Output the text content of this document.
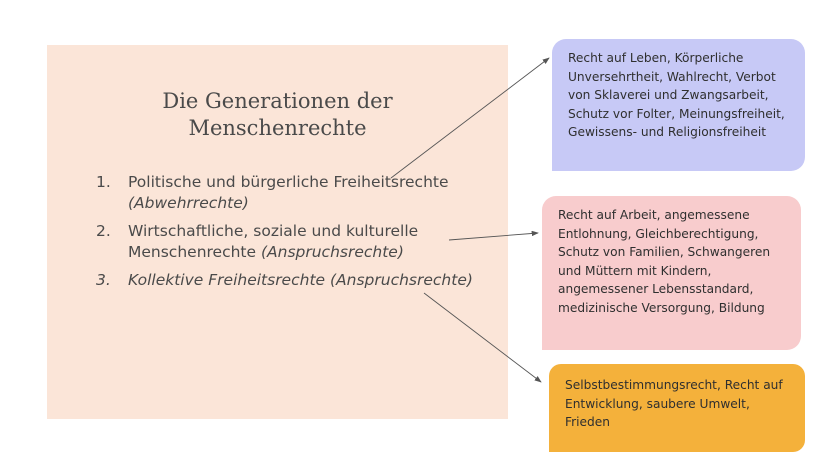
Die Generationen der
Menschenrechte
1. Politische und bürgerliche Freiheitsrechte (Abwehrrechte)
2. Wirtschaftliche, soziale und kulturelle Menschenrechte (Anspruchsrechte)
3. Kollektive Freiheitsrechte (Anspruchsrechte)
Recht auf Leben, Körperliche Unversehrtheit, Wahlrecht, Verbot von Sklaverei und Zwangsarbeit, Schutz vor Folter, Meinungsfreiheit, Gewissens- und Religionsfreiheit
Recht auf Arbeit, angemessene Entlohnung, Gleichberechtigung, Schutz von Familien, Schwangeren und Müttern mit Kindern, angemessener Lebensstandard, medizinische Versorgung, Bildung
Selbstbestimmungsrecht, Recht auf Entwicklung, saubere Umwelt, Frieden
